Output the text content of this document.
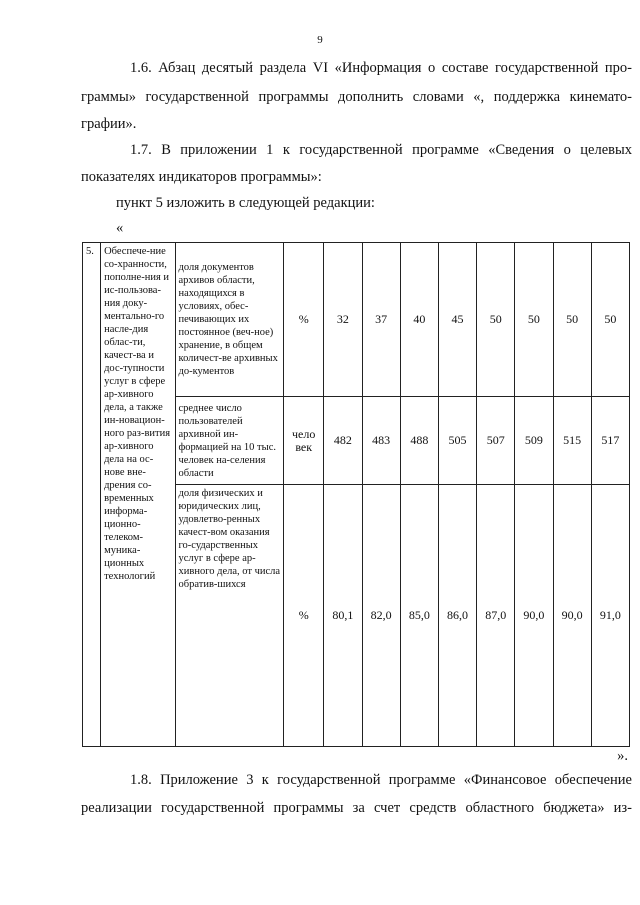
9
1.6. Абзац десятый раздела VI «Информация о составе государственной про-
граммы» государственной программы дополнить словами «, поддержка кинемато-
графии».
1.7. В приложении 1 к государственной программе «Сведения о целевых
показателях индикаторов программы»:
пункт 5 изложить в следующей редакции:
«
5.	Обеспече-ние со-хранности, пополне-ния и ис-пользова-ния доку-ментально-го насле-дия облас-ти, качест-ва и дос-тупности услуг в сфере ар-хивного дела, а также ин-новацион-ного раз-вития ар-хивного дела на ос-нове вне-дрения со-временных информа-ционно-телеком-муника-ционных технологий	доля документов архивов области, находящихся в условиях, обес-печивающих их постоянное (веч-ное) хранение, в общем количест-ве архивных до-кументов	%	32	37	40	45	50	50	50	50
		среднее число пользователей архивной ин-формацией на 10 тыс. человек на-селения области	чело век	482	483	488	505	507	509	515	517
		доля физических и юридических лиц, удовлетво-ренных качест-вом оказания го-сударственных услуг в сфере ар-хивного дела, от числа обратив-шихся	%	80,1	82,0	85,0	86,0	87,0	90,0	90,0	91,0
».
1.8. Приложение 3 к государственной программе «Финансовое обеспечение
реализации государственной программы за счет средств областного бюджета» из-
